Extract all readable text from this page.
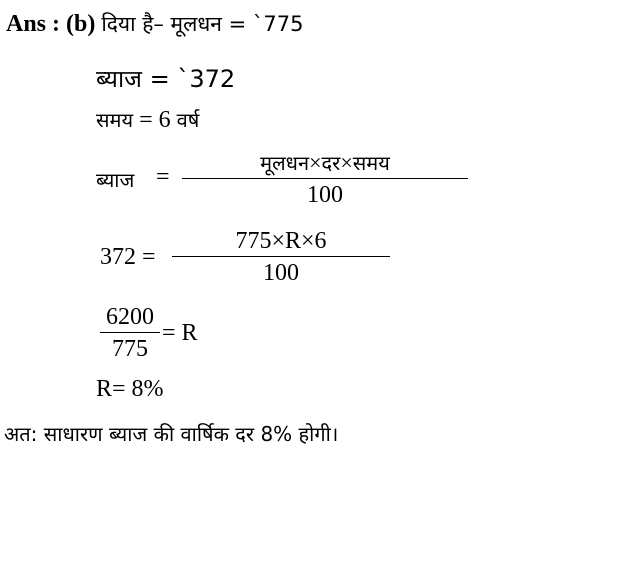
Ans : (b) दिया है– मूलधन = `775
ब्याज = `372
समय = 6 वर्ष
ब्याज =
मूलधन×दर×समय
100
372 =
775×R×6
100
6200
775
= R
R= 8%
अत: साधारण ब्याज की वार्षिक दर 8% होगी।
